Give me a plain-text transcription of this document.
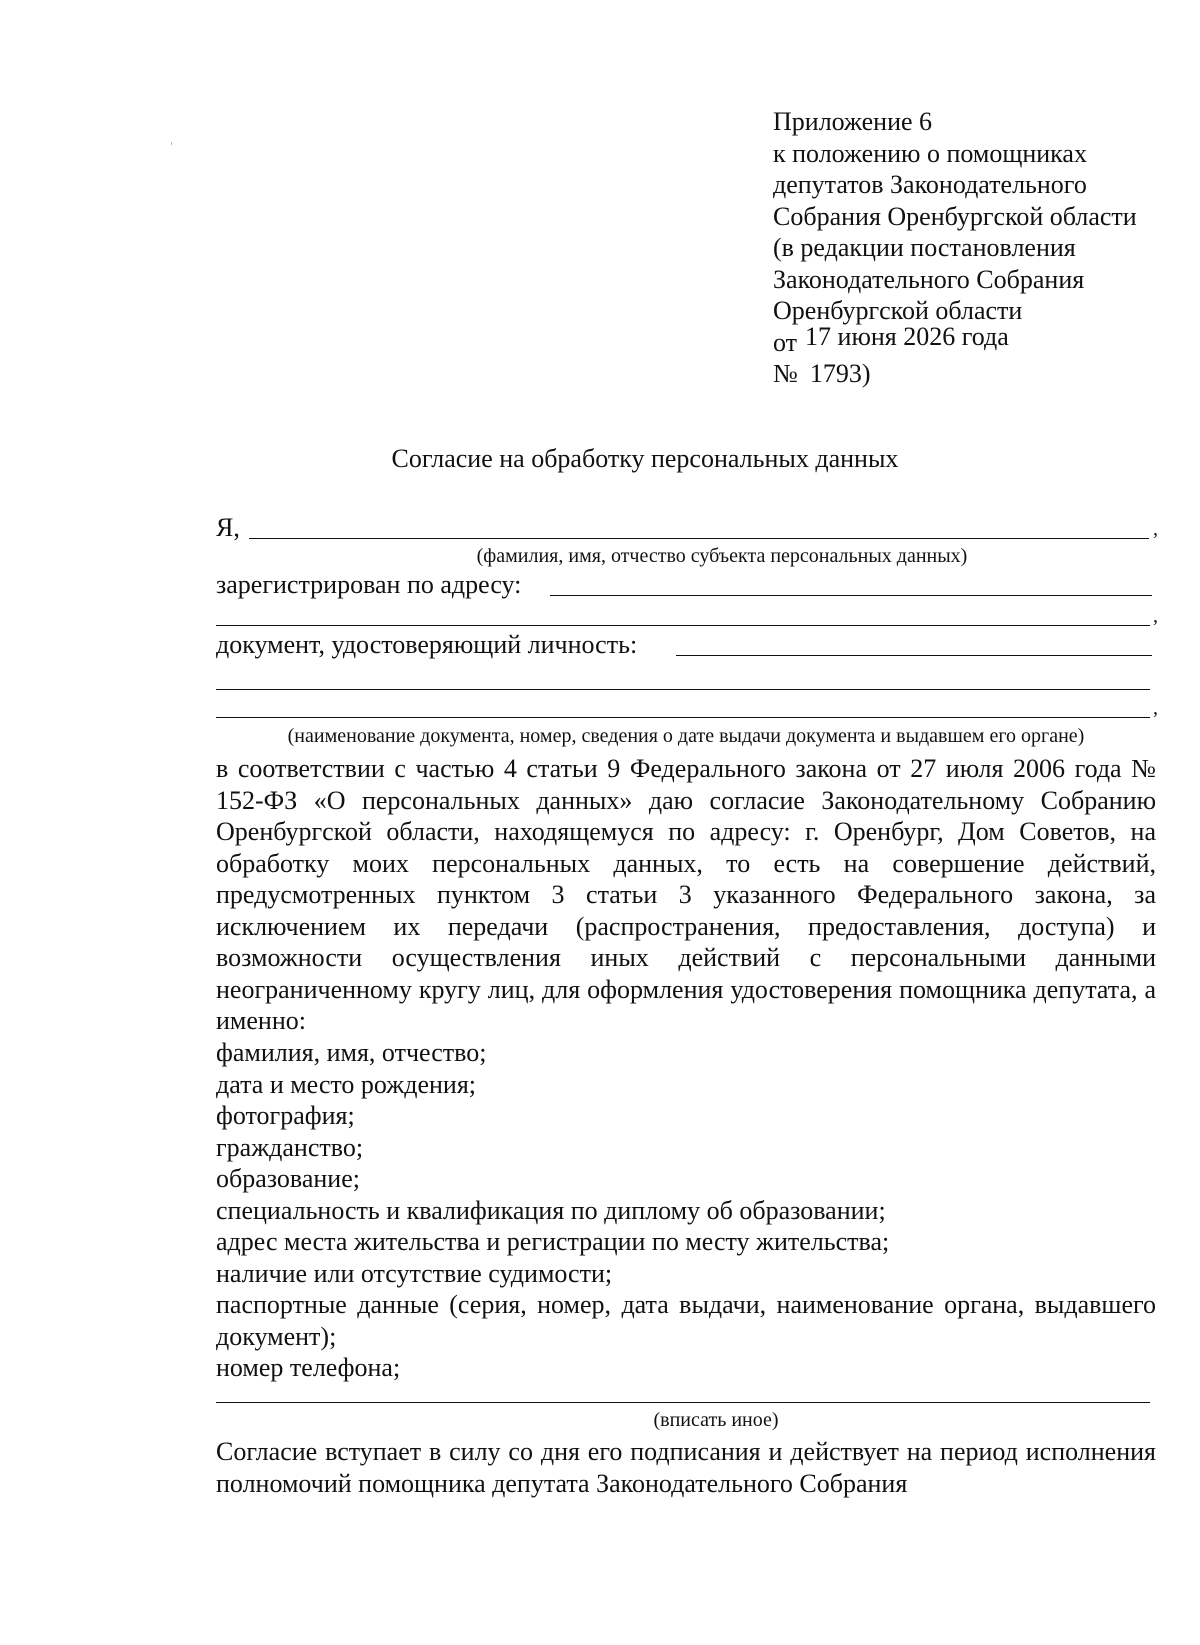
Приложение 6
к положению о помощниках
депутатов Законодательного
Собрания Оренбургской области
(в редакции постановления
Законодательного Собрания
Оренбургской области
от 17 июня 2026 года
№ 1793)
Согласие на обработку персональных данных
Я,	,
(фамилия, имя, отчество субъекта персональных данных)
зарегистрирован по адресу:
,
документ, удостоверяющий личность:
,
(наименование документа, номер, сведения о дате выдачи документа и выдавшем его органе)

в соответствии с частью 4 статьи 9 Федерального закона от 27 июля 2006 года № 152-ФЗ «О персональных данных» даю согласие Законодательному Собранию Оренбургской области, находящемуся по адресу: г. Оренбург, Дом Советов, на обработку моих персональных данных, то есть на совершение действий, предусмотренных пунктом 3 статьи 3 указанного Федерального закона, за исключением их передачи (распространения, предоставления, доступа) и возможности осуществления иных действий с персональными данными неограниченному кругу лиц, для оформления удостоверения помощника депутата, а именно:

фамилия, имя, отчество;
дата и место рождения;
фотография;
гражданство;
образование;
специальность и квалификация по диплому об образовании;
адрес места жительства и регистрации по месту жительства;
наличие или отсутствие судимости;
паспортные данные (серия, номер, дата выдачи, наименование органа, выдавшего документ);
номер телефона;
(вписать иное)

Согласие вступает в силу со дня его подписания и действует на период исполнения полномочий помощника депутата Законодательного Собрания
